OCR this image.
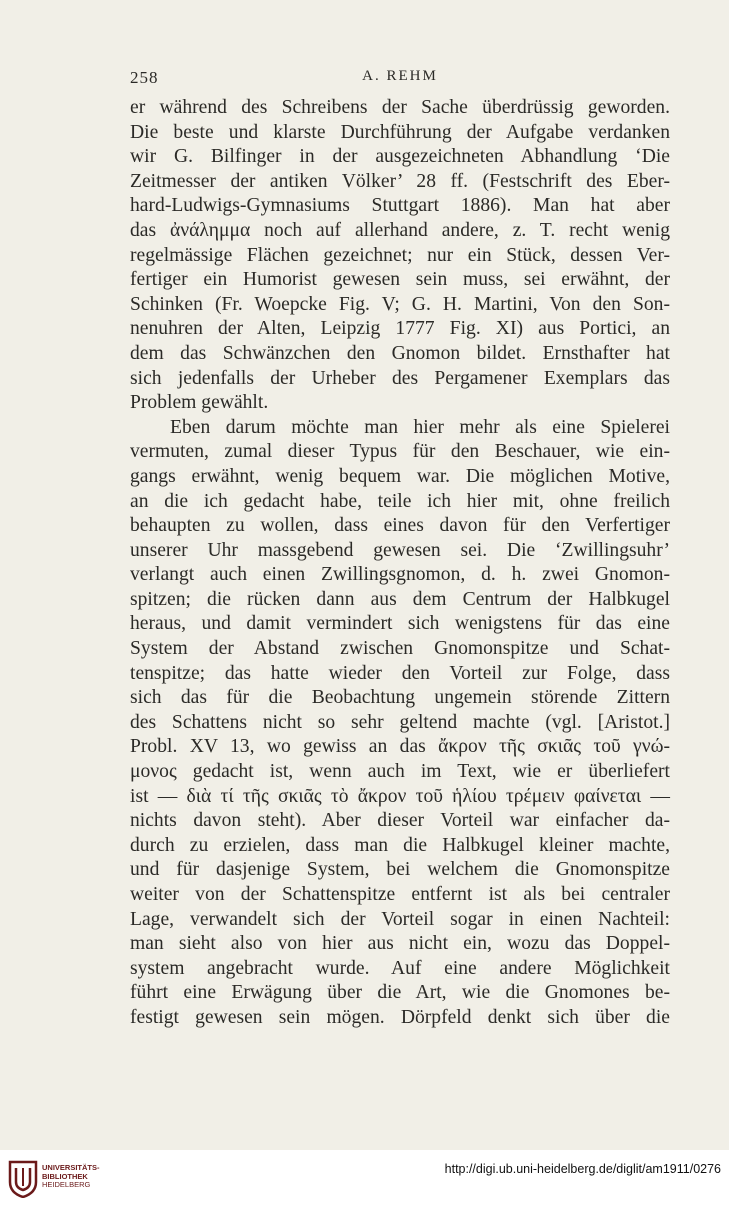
258	A. REHM
er während des Schreibens der Sache überdrüssig geworden.
Die beste und klarste Durchführung der Aufgabe verdanken
wir G. Bilfinger in der ausgezeichneten Abhandlung ‘Die
Zeitmesser der antiken Völker’ 28 ff. (Festschrift des Eber-
hard-Ludwigs-Gymnasiums Stuttgart 1886). Man hat aber
das ἀνάλημμα noch auf allerhand andere, z. T. recht wenig
regelmässige Flächen gezeichnet; nur ein Stück, dessen Ver-
fertiger ein Humorist gewesen sein muss, sei erwähnt, der
Schinken (Fr. Woepcke Fig. V; G. H. Martini, Von den Son-
nenuhren der Alten, Leipzig 1777 Fig. XI) aus Portici, an
dem das Schwänzchen den Gnomon bildet. Ernsthafter hat
sich jedenfalls der Urheber des Pergamener Exemplars das
Problem gewählt.
Eben darum möchte man hier mehr als eine Spielerei
vermuten, zumal dieser Typus für den Beschauer, wie ein-
gangs erwähnt, wenig bequem war. Die möglichen Motive,
an die ich gedacht habe, teile ich hier mit, ohne freilich
behaupten zu wollen, dass eines davon für den Verfertiger
unserer Uhr massgebend gewesen sei. Die ‘Zwillingsuhr’
verlangt auch einen Zwillingsgnomon, d. h. zwei Gnomon-
spitzen; die rücken dann aus dem Centrum der Halbkugel
heraus, und damit vermindert sich wenigstens für das eine
System der Abstand zwischen Gnomonspitze und Schat-
tenspitze; das hatte wieder den Vorteil zur Folge, dass
sich das für die Beobachtung ungemein störende Zittern
des Schattens nicht so sehr geltend machte (vgl. [Aristot.]
Probl. XV 13, wo gewiss an das ἄκρον τῆς σκιᾶς τοῦ γνώ-
μονος gedacht ist, wenn auch im Text, wie er überliefert
ist — διὰ τί τῆς σκιᾶς τὸ ἄκρον τοῦ ἡλίου τρέμειν φαίνεται —
nichts davon steht). Aber dieser Vorteil war einfacher da-
durch zu erzielen, dass man die Halbkugel kleiner machte,
und für dasjenige System, bei welchem die Gnomonspitze
weiter von der Schattenspitze entfernt ist als bei centraler
Lage, verwandelt sich der Vorteil sogar in einen Nachteil:
man sieht also von hier aus nicht ein, wozu das Doppel-
system angebracht wurde. Auf eine andere Möglichkeit
führt eine Erwägung über die Art, wie die Gnomones be-
festigt gewesen sein mögen. Dörpfeld denkt sich über die
UNIVERSITÄTS-
BIBLIOTHEK
HEIDELBERG
http://digi.ub.uni-heidelberg.de/diglit/am1911/0276
